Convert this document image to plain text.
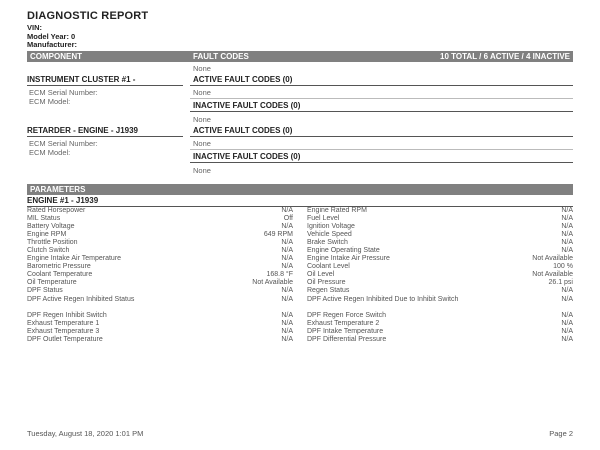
DIAGNOSTIC REPORT
VIN:
Model Year: 0
Manufacturer:
COMPONENT	FAULT CODES	10 TOTAL / 6 ACTIVE / 4 INACTIVE
None
INSTRUMENT CLUSTER #1 -	ACTIVE FAULT CODES (0)
ECM Serial Number:	None
ECM Model:	INACTIVE FAULT CODES (0)
None
RETARDER - ENGINE - J1939	ACTIVE FAULT CODES (0)
ECM Serial Number:	None
ECM Model:	INACTIVE FAULT CODES (0)
None
PARAMETERS
ENGINE #1 - J1939
Rated Horsepower	N/A Engine Rated RPM	N/A
MIL Status	Off Fuel Level	N/A
Battery Voltage	N/A Ignition Voltage	N/A
Engine RPM	649 RPM Vehicle Speed	N/A
Throttle Position	N/A Brake Switch	N/A
Clutch Switch	N/A Engine Operating State	N/A
Engine Intake Air Temperature	N/A Engine Intake Air Pressure	Not Available
Barometric Pressure	N/A Coolant Level	100 %
Coolant Temperature	168.8 °F Oil Level	Not Available
Oil Temperature	Not Available Oil Pressure	26.1 psi
DPF Status	N/A Regen Status	N/A
DPF Active Regen Inhibited Status	N/A DPF Active Regen Inhibited Due to Inhibit Switch	N/A
DPF Regen Inhibit Switch	N/A DPF Regen Force Switch	N/A
Exhaust Temperature 1	N/A Exhaust Temperature 2	N/A
Exhaust Temperature 3	N/A DPF Intake Temperature	N/A
DPF Outlet Temperature	N/A DPF Differential Pressure	N/A
Tuesday, August 18, 2020 1:01 PM	Page 2
